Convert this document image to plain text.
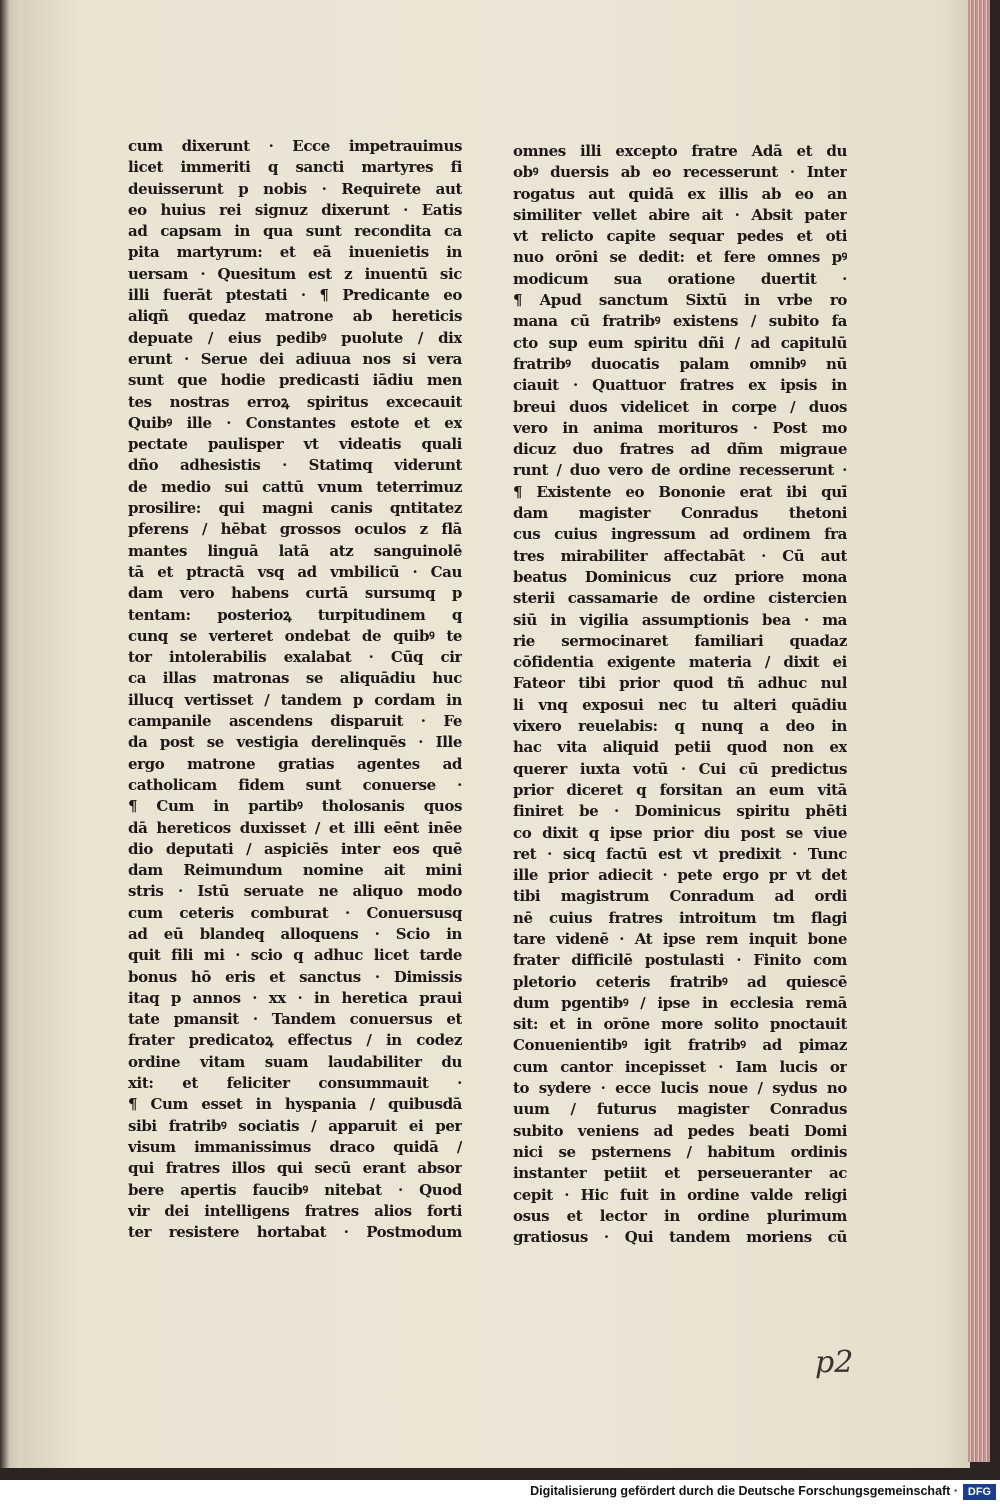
cum dixerunt · Ecce impetrauimus
licet immeriti q sancti martyres fi
deuisserunt p nobis · Requirete aut
eo huius rei signuz dixerunt · Eatis
ad capsam in qua sunt recondita ca
pita martyrum: et eā inuenietis in
uersam · Quesitum est z inuentū sic
illi fuerāt ptestati · ¶ Predicante eo
aliqñ quedaz matrone ab hereticis
depuate / eius pedibꝰ puolute / dix
erunt · Serue dei adiuua nos si vera
sunt que hodie predicasti iādiu men
tes nostras erroꝝ spiritus excecauit
Quibꝰ ille · Constantes estote et ex
pectate paulisper vt videatis quali
dño adhesistis · Statimq viderunt
de medio sui cattū vnum teterrimuz
prosilire: qui magni canis qntitatez
pferens / hēbat grossos oculos z flā
mantes linguā latā atz sanguinolē
tā et ptractā vsq ad vmbilicū · Cau
dam vero habens curtā sursumq p
tentam: posterioꝝ turpitudinem q
cunq se verteret ondebat de quibꝰ te
tor intolerabilis exalabat · Cūq cir
ca illas matronas se aliquādiu huc
illucq vertisset / tandem p cordam in
campanile ascendens disparuit · Fe
da post se vestigia derelinquēs · Ille
ergo matrone gratias agentes ad
catholicam fidem sunt conuerse ·
¶ Cum in partibꝰ tholosanis quos
dā hereticos duxisset / et illi eēnt inēe
dio deputati / aspiciēs inter eos quē
dam Reimundum nomine ait mini
stris · Istū seruate ne aliquo modo
cum ceteris comburat · Conuersusq
ad eū blandeq alloquens · Scio in
quit fili mi · scio q adhuc licet tarde
bonus hō eris et sanctus · Dimissis
itaq p annos · xx · in heretica praui
tate pmansit · Tandem conuersus et
frater predicatoꝝ effectus / in codez
ordine vitam suam laudabiliter du
xit: et feliciter consummauit ·
¶ Cum esset in hyspania / quibusdā
sibi fratribꝰ sociatis / apparuit ei per
visum immanissimus draco quidā /
qui fratres illos qui secū erant absor
bere apertis faucibꝰ nitebat · Quod
vir dei intelligens fratres alios forti
ter resistere hortabat · Postmodum
omnes illi excepto fratre Adā et du
obꝰ duersis ab eo recesserunt · Inter
rogatus aut quidā ex illis ab eo an
similiter vellet abire ait · Absit pater
vt relicto capite sequar pedes et oti
nuo orōni se dedit: et fere omnes pꝰ
modicum sua oratione duertit ·
¶ Apud sanctum Sixtū in vrbe ro
mana cū fratribꝰ existens / subito fa
cto sup eum spiritu dñi / ad capitulū
fratribꝰ duocatis palam omnibꝰ nū
ciauit · Quattuor fratres ex ipsis in
breui duos videlicet in corpe / duos
vero in anima morituros · Post mo
dicuz duo fratres ad dñm migraue
runt / duo vero de ordine recesserunt ·
¶ Existente eo Bononie erat ibi quī
dam magister Conradus thetoni
cus cuius ingressum ad ordinem fra
tres mirabiliter affectabāt · Cū aut
beatus Dominicus cuz priore mona
sterii cassamarie de ordine cistercien
siū in vigilia assumptionis bea · ma
rie sermocinaret familiari quadaz
cōfidentia exigente materia / dixit ei
Fateor tibi prior quod tñ adhuc nul
li vnq exposui nec tu alteri quādiu
vixero reuelabis: q nunq a deo in
hac vita aliquid petii quod non ex
querer iuxta votū · Cui cū predictus
prior diceret q forsitan an eum vitā
finiret be · Dominicus spiritu phēti
co dixit q ipse prior diu post se viue
ret · sicq factū est vt predixit · Tunc
ille prior adiecit · pete ergo pr vt det
tibi magistrum Conradum ad ordi
nē cuius fratres introitum tm flagi
tare videnē · At ipse rem inquit bone
frater difficilē postulasti · Finito com
pletorio ceteris fratribꝰ ad quiescē
dum pgentibꝰ / ipse in ecclesia remā
sit: et in orōne more solito pnoctauit
Conuenientibꝰ igit fratribꝰ ad pimaz
cum cantor incepisset · Iam lucis or
to sydere · ecce lucis noue / sydus no
uum / futurus magister Conradus
subito veniens ad pedes beati Domi
nici se psternens / habitum ordinis
instanter petiit et perseueranter ac
cepit · Hic fuit in ordine valde religi
osus et lector in ordine plurimum
gratiosus · Qui tandem moriens cū
p2
Digitalisierung gefördert durch die Deutsche Forschungsgemeinschaft · DFG
